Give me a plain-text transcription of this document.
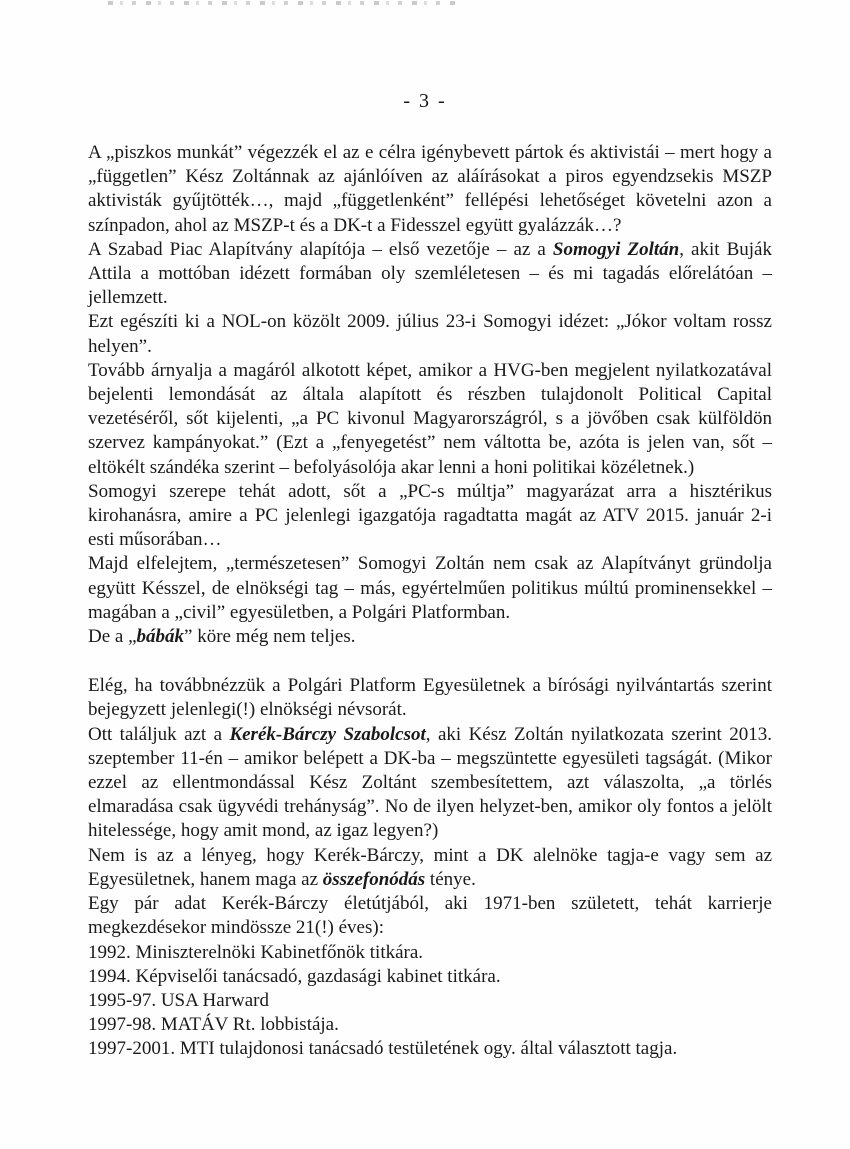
- 3 -

A „piszkos munkát” végezzék el az e célra igénybevett pártok és aktivistái – mert hogy a „független” Kész Zoltánnak az ajánlóíven az aláírásokat a piros egyendzsekis MSZP aktivisták gyűjtötték…, majd „függetlenként” fellépési lehetőséget követelni azon a színpadon, ahol az MSZP-t és a DK-t a Fidesszel együtt gyalázzák…?

A Szabad Piac Alapítvány alapítója – első vezetője – az a Somogyi Zoltán, akit Buják Attila a mottóban idézett formában oly szemléletesen – és mi tagadás előrelátóan – jellemzett.

Ezt egészíti ki a NOL-on közölt 2009. július 23-i Somogyi idézet: „Jókor voltam rossz helyen”.

Tovább árnyalja a magáról alkotott képet, amikor a HVG-ben megjelent nyilatkozatával bejelenti lemondását az általa alapított és részben tulajdonolt Political Capital vezetéséről, sőt kijelenti, „a PC kivonul Magyarországról, s a jövőben csak külföldön szervez kampányokat.” (Ezt a „fenyegetést” nem váltotta be, azóta is jelen van, sőt – eltökélt szándéka szerint – befolyásolója akar lenni a honi politikai közéletnek.)

Somogyi szerepe tehát adott, sőt a „PC-s múltja” magyarázat arra a hisztérikus kirohanásra, amire a PC jelenlegi igazgatója ragadtatta magát az ATV 2015. január 2-i esti műsorában…

Majd elfelejtem, „természetesen” Somogyi Zoltán nem csak az Alapítványt gründolja együtt Késszel, de elnökségi tag – más, egyértelműen politikus múltú prominensekkel – magában a „civil” egyesületben, a Polgári Platformban.

De a „bábák” köre még nem teljes.

Elég, ha továbbnézzük a Polgári Platform Egyesületnek a bírósági nyilvántartás szerint bejegyzett jelenlegi(!) elnökségi névsorát.

Ott találjuk azt a Kerék-Bárczy Szabolcsot, aki Kész Zoltán nyilatkozata szerint 2013. szeptember 11-én – amikor belépett a DK-ba – megszüntette egyesületi tagságát. (Mikor ezzel az ellentmondással Kész Zoltánt szembesítettem, azt válaszolta, „a törlés elmaradása csak ügyvédi trehányság”. No de ilyen helyzet-ben, amikor oly fontos a jelölt hitelessége, hogy amit mond, az igaz legyen?)

Nem is az a lényeg, hogy Kerék-Bárczy, mint a DK alelnöke tagja-e vagy sem az Egyesületnek, hanem maga az összefonódás ténye.

Egy pár adat Kerék-Bárczy életútjából, aki 1971-ben született, tehát karrierje megkezdésekor mindössze 21(!) éves):

1992. Miniszterelnöki Kabinetfőnök titkára.

1994. Képviselői tanácsadó, gazdasági kabinet titkára.

1995-97. USA Harward

1997-98. MATÁV Rt. lobbistája.

1997-2001. MTI tulajdonosi tanácsadó testületének ogy. által választott tagja.
